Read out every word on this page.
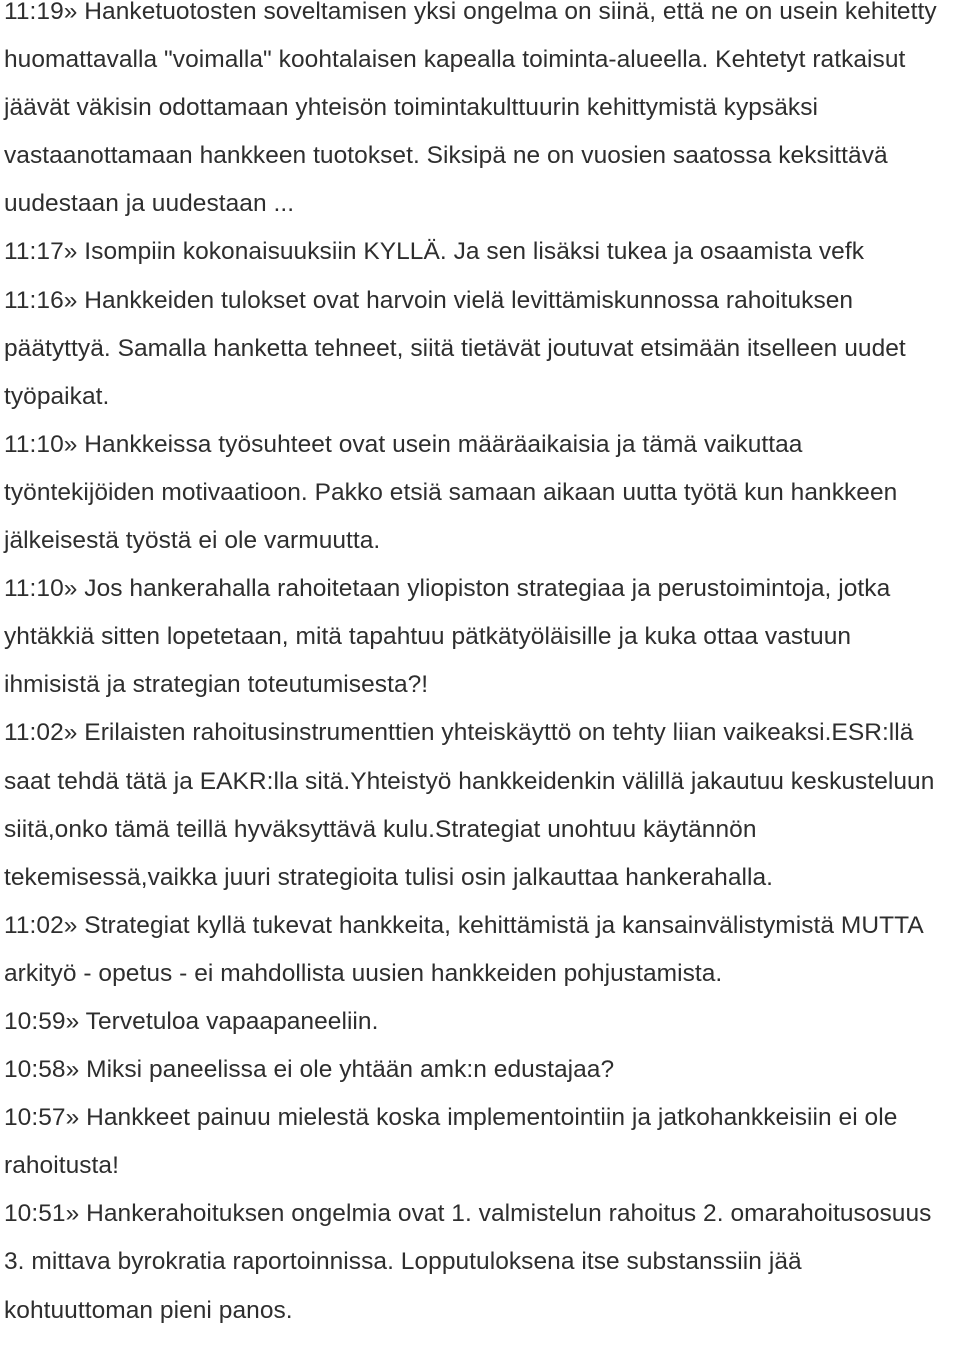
11:19» Hanketuotosten soveltamisen yksi ongelma on siinä, että ne on usein kehitetty huomattavalla "voimalla" koohtalaisen kapealla toiminta-alueella. Kehtetyt ratkaisut jäävät väkisin odottamaan yhteisön toimintakulttuurin kehittymistä kypsäksi vastaanottamaan hankkeen tuotokset. Siksipä ne on vuosien saatossa keksittävä uudestaan ja uudestaan ...

11:17» Isompiin kokonaisuuksiin KYLLÄ. Ja sen lisäksi tukea ja osaamista vefk

11:16» Hankkeiden tulokset ovat harvoin vielä levittämiskunnossa rahoituksen päätyttyä. Samalla hanketta tehneet, siitä tietävät joutuvat etsimään itselleen uudet työpaikat.

11:10» Hankkeissa työsuhteet ovat usein määräaikaisia ja tämä vaikuttaa työntekijöiden motivaatioon. Pakko etsiä samaan aikaan uutta työtä kun hankkeen jälkeisestä työstä ei ole varmuutta.

11:10» Jos hankerahalla rahoitetaan yliopiston strategiaa ja perustoimintoja, jotka yhtäkkiä sitten lopetetaan, mitä tapahtuu pätkätyöläisille ja kuka ottaa vastuun ihmisistä ja strategian toteutumisesta?!

11:02» Erilaisten rahoitusinstrumenttien yhteiskäyttö on tehty liian vaikeaksi.ESR:llä saat tehdä tätä ja EAKR:lla sitä.Yhteistyö hankkeidenkin välillä jakautuu keskusteluun siitä,onko tämä teillä hyväksyttävä kulu.Strategiat unohtuu käytännön tekemisessä,vaikka juuri strategioita tulisi osin jalkauttaa hankerahalla.

11:02» Strategiat kyllä tukevat hankkeita, kehittämistä ja kansainvälistymistä MUTTA arkityö - opetus - ei mahdollista uusien hankkeiden pohjustamista.

10:59» Tervetuloa vapaapaneeliin.

10:58» Miksi paneelissa ei ole yhtään amk:n edustajaa?

10:57» Hankkeet painuu mielestä koska implementointiin ja jatkohankkeisiin ei ole rahoitusta!

10:51» Hankerahoituksen ongelmia ovat 1. valmistelun rahoitus 2. omarahoitusosuus 3. mittava byrokratia raportoinnissa. Lopputuloksena itse substanssiin jää kohtuuttoman pieni panos.
